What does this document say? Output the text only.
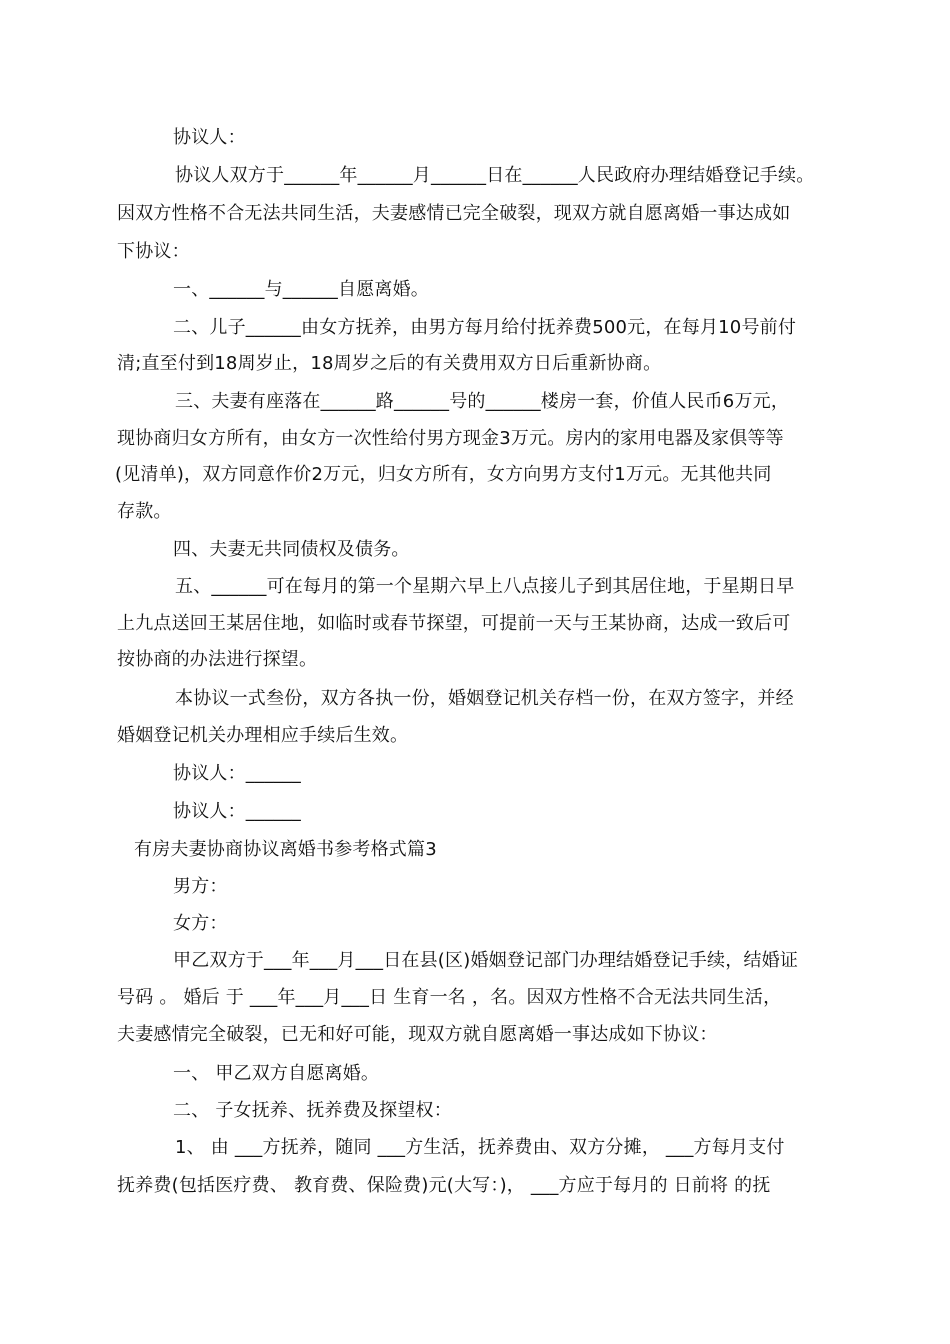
协议人：
协议人双方于______年______月______日在______人民政府办理结婚登记手续。
因双方性格不合无法共同生活，夫妻感情已完全破裂，现双方就自愿离婚一事达成如
下协议：
一、______与______自愿离婚。
二、儿子______由女方抚养，由男方每月给付抚养费500元，在每月10号前付
清;直至付到18周岁止，18周岁之后的有关费用双方日后重新协商。
三、夫妻有座落在______路______号的______楼房一套，价值人民币6万元，
现协商归女方所有，由女方一次性给付男方现金3万元。房内的家用电器及家俱等等
(见清单)，双方同意作价2万元，归女方所有，女方向男方支付1万元。无其他共同
存款。
四、夫妻无共同债权及债务。
五、______可在每月的第一个星期六早上八点接儿子到其居住地，于星期日早
上九点送回王某居住地，如临时或春节探望，可提前一天与王某协商，达成一致后可
按协商的办法进行探望。
本协议一式叁份，双方各执一份，婚姻登记机关存档一份，在双方签字，并经
婚姻登记机关办理相应手续后生效。
协议人：______
协议人：______
有房夫妻协商协议离婚书参考格式篇3
男方：
女方：
甲乙双方于___年___月___日在县(区)婚姻登记部门办理结婚登记手续，结婚证
号码 。 婚后 于 ___年___月___日 生育一名 ，名。因双方性格不合无法共同生活，
夫妻感情完全破裂，已无和好可能，现双方就自愿离婚一事达成如下协议：
一、 甲乙双方自愿离婚。
二、 子女抚养、抚养费及探望权：
1、 由 ___方抚养，随同 ___方生活，抚养费由、双方分摊， ___方每月支付
抚养费(包括医疗费、 教育费、保险费)元(大写：)， ___方应于每月的 日前将 的抚
